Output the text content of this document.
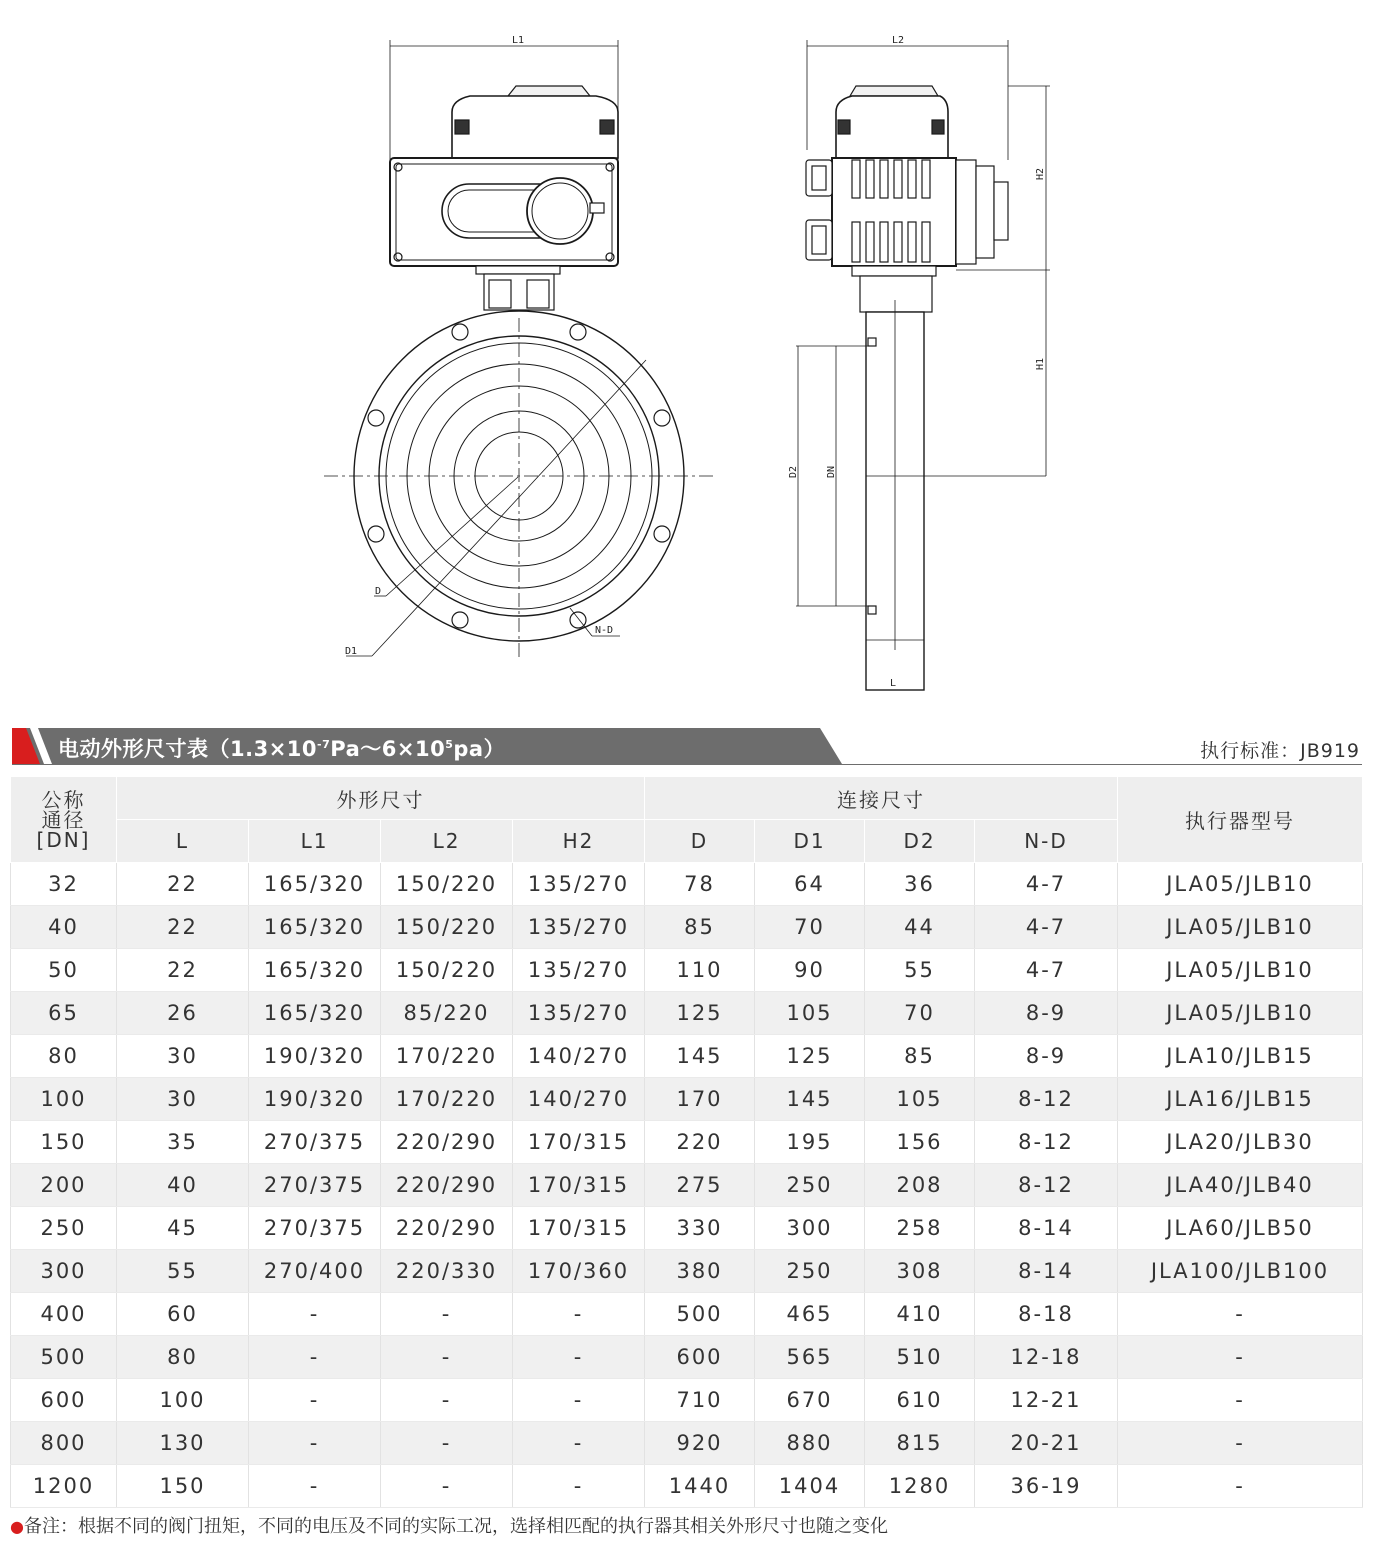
L1
D
D1
N-D
L2
H2
H1
D2	DN
L
电动外形尺寸表$(1.3\times 10^{-7}Pa\sim 6\times 10^5pa)$	执行标准：JB919
公称
通径
[DN]	外形尺寸				连接尺寸				执行器型号
	L	L1	L2	H2	D	D1	D2	N-D	
32	22	165/320	150/220	135/270	78	64	36	4-7	JLA05/JLB10
40	22	165/320	150/220	135/270	85	70	44	4-7	JLA05/JLB10
50	22	165/320	150/220	135/270	110	90	55	4-7	JLA05/JLB10
65	26	165/320	85/220	135/270	125	105	70	8-9	JLA05/JLB10
80	30	190/320	170/220	140/270	145	125	85	8-9	JLA10/JLB15
100	30	190/320	170/220	140/270	170	145	105	8-12	JLA16/JLB15
150	35	270/375	220/290	170/315	220	195	156	8-12	JLA20/JLB30
200	40	270/375	220/290	170/315	275	250	208	8-12	JLA40/JLB40
250	45	270/375	220/290	170/315	330	300	258	8-14	JLA60/JLB50
300	55	270/400	220/330	170/360	380	250	308	8-14	JLA100/JLB100
400	60	-	-	-	500	465	410	8-18	-
500	80	-	-	-	600	565	510	12-18	-
600	100	-	-	-	710	670	610	12-21	-
800	130	-	-	-	920	880	815	20-21	-
1200	150	-	-	-	1440	1404	1280	36-19	-
●备注：根据不同的阀门扭矩，不同的电压及不同的实际工况，选择相匹配的执行器其相关外形尺寸也随之变化
